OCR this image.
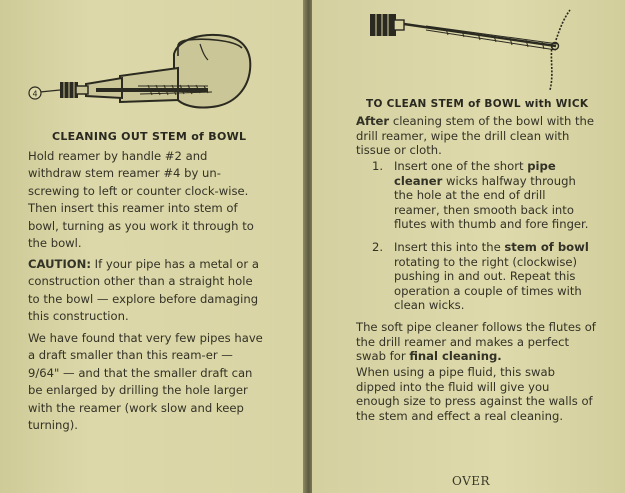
4
CLEANING OUT STEM of BOWL
Hold reamer by handle #2 and withdraw stem reamer #4 by un-screwing to left or counter clock-wise. Then insert this reamer into stem of bowl, turning as you work it through to the bowl.
CAUTION: If your pipe has a metal or a construction other than a straight hole to the bowl — explore before damaging this construction.
We have found that very few pipes have a draft smaller than this ream-er — 9/64" — and that the smaller draft can be enlarged by drilling the hole larger with the reamer (work slow and keep turning).
TO CLEAN STEM of BOWL with WICK
After cleaning stem of the bowl with the drill reamer, wipe the drill clean with tissue or cloth.
1. Insert one of the short pipe cleaner wicks halfway through the hole at the end of drill reamer, then smooth back into flutes with thumb and fore finger.
2. Insert this into the stem of bowl rotating to the right (clockwise) pushing in and out. Repeat this operation a couple of times with clean wicks.
The soft pipe cleaner follows the flutes of the drill reamer and makes a perfect swab for final cleaning.
When using a pipe fluid, this swab dipped into the fluid will give you enough size to press against the walls of the stem and effect a real cleaning.
OVER
